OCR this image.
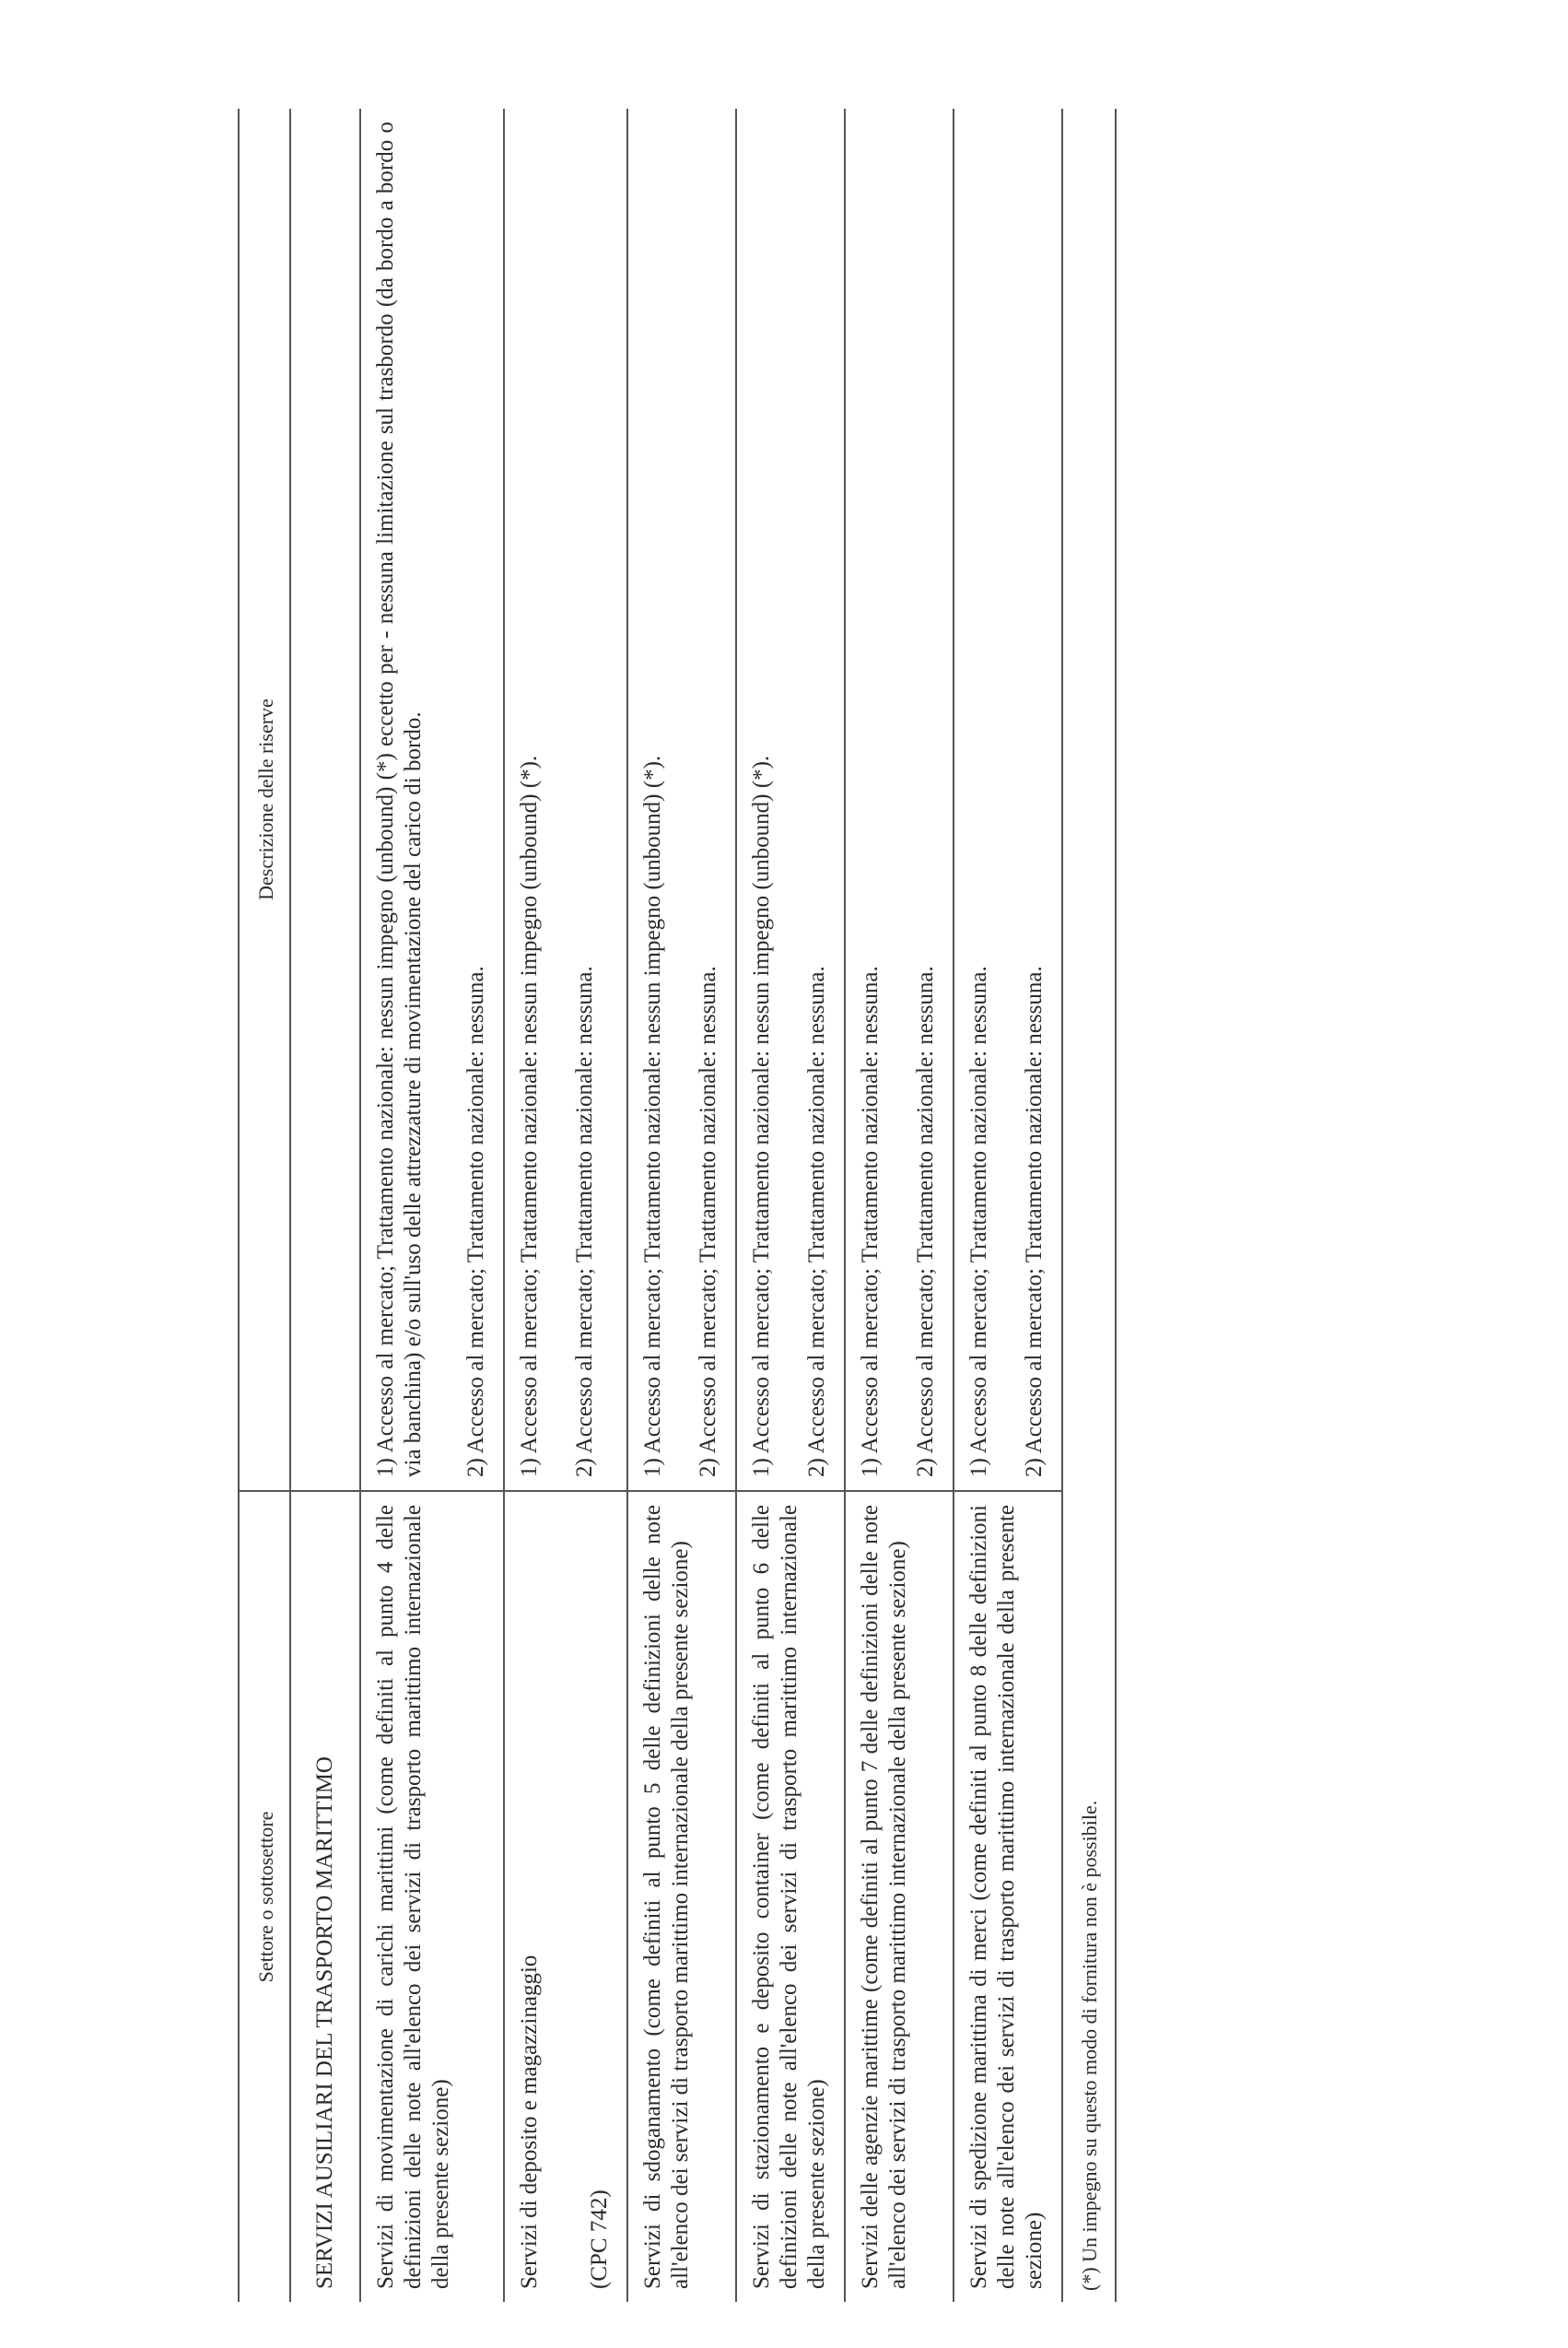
Settore o sottosettore	Descrizione delle riserve
SERVIZI AUSILIARI DEL TRASPORTO MARITTIMO	

Servizi di movimentazione di carichi marittimi (come definiti al punto 4 delle definizioni delle note all'elenco dei servizi di trasporto marittimo internazionale della presente sezione)	1) Accesso al mercato; Trattamento nazionale: nessun impegno (unbound) (*) eccetto per - nessuna limitazione sul trasbordo (da bordo a bordo o via banchina) e/o sull'uso delle attrezzature di movimentazione del carico di bordo. 2) Accesso al mercato; Trattamento nazionale: nessuna.

Servizi di deposito e magazzinaggio (CPC 742)	1) Accesso al mercato; Trattamento nazionale: nessun impegno (unbound) (*). 2) Accesso al mercato; Trattamento nazionale: nessuna.

Servizi di sdoganamento (come definiti al punto 5 delle definizioni delle note all'elenco dei servizi di trasporto marittimo internazionale della presente sezione)	1) Accesso al mercato; Trattamento nazionale: nessun impegno (unbound) (*). 2) Accesso al mercato; Trattamento nazionale: nessuna.

Servizi di stazionamento e deposito container (come definiti al punto 6 delle definizioni delle note all'elenco dei servizi di trasporto marittimo internazionale della presente sezione)	1) Accesso al mercato; Trattamento nazionale: nessun impegno (unbound) (*). 2) Accesso al mercato; Trattamento nazionale: nessuna.

Servizi delle agenzie marittime (come definiti al punto 7 delle definizioni delle note all'elenco dei servizi di trasporto marittimo internazionale della presente sezione)	1) Accesso al mercato; Trattamento nazionale: nessuna. 2) Accesso al mercato; Trattamento nazionale: nessuna.

Servizi di spedizione marittima di merci (come definiti al punto 8 delle definizioni delle note all'elenco dei servizi di trasporto marittimo internazionale della presente sezione)	1) Accesso al mercato; Trattamento nazionale: nessuna. 2) Accesso al mercato; Trattamento nazionale: nessuna.
(*) Un impegno su questo modo di fornitura non è possibile.
